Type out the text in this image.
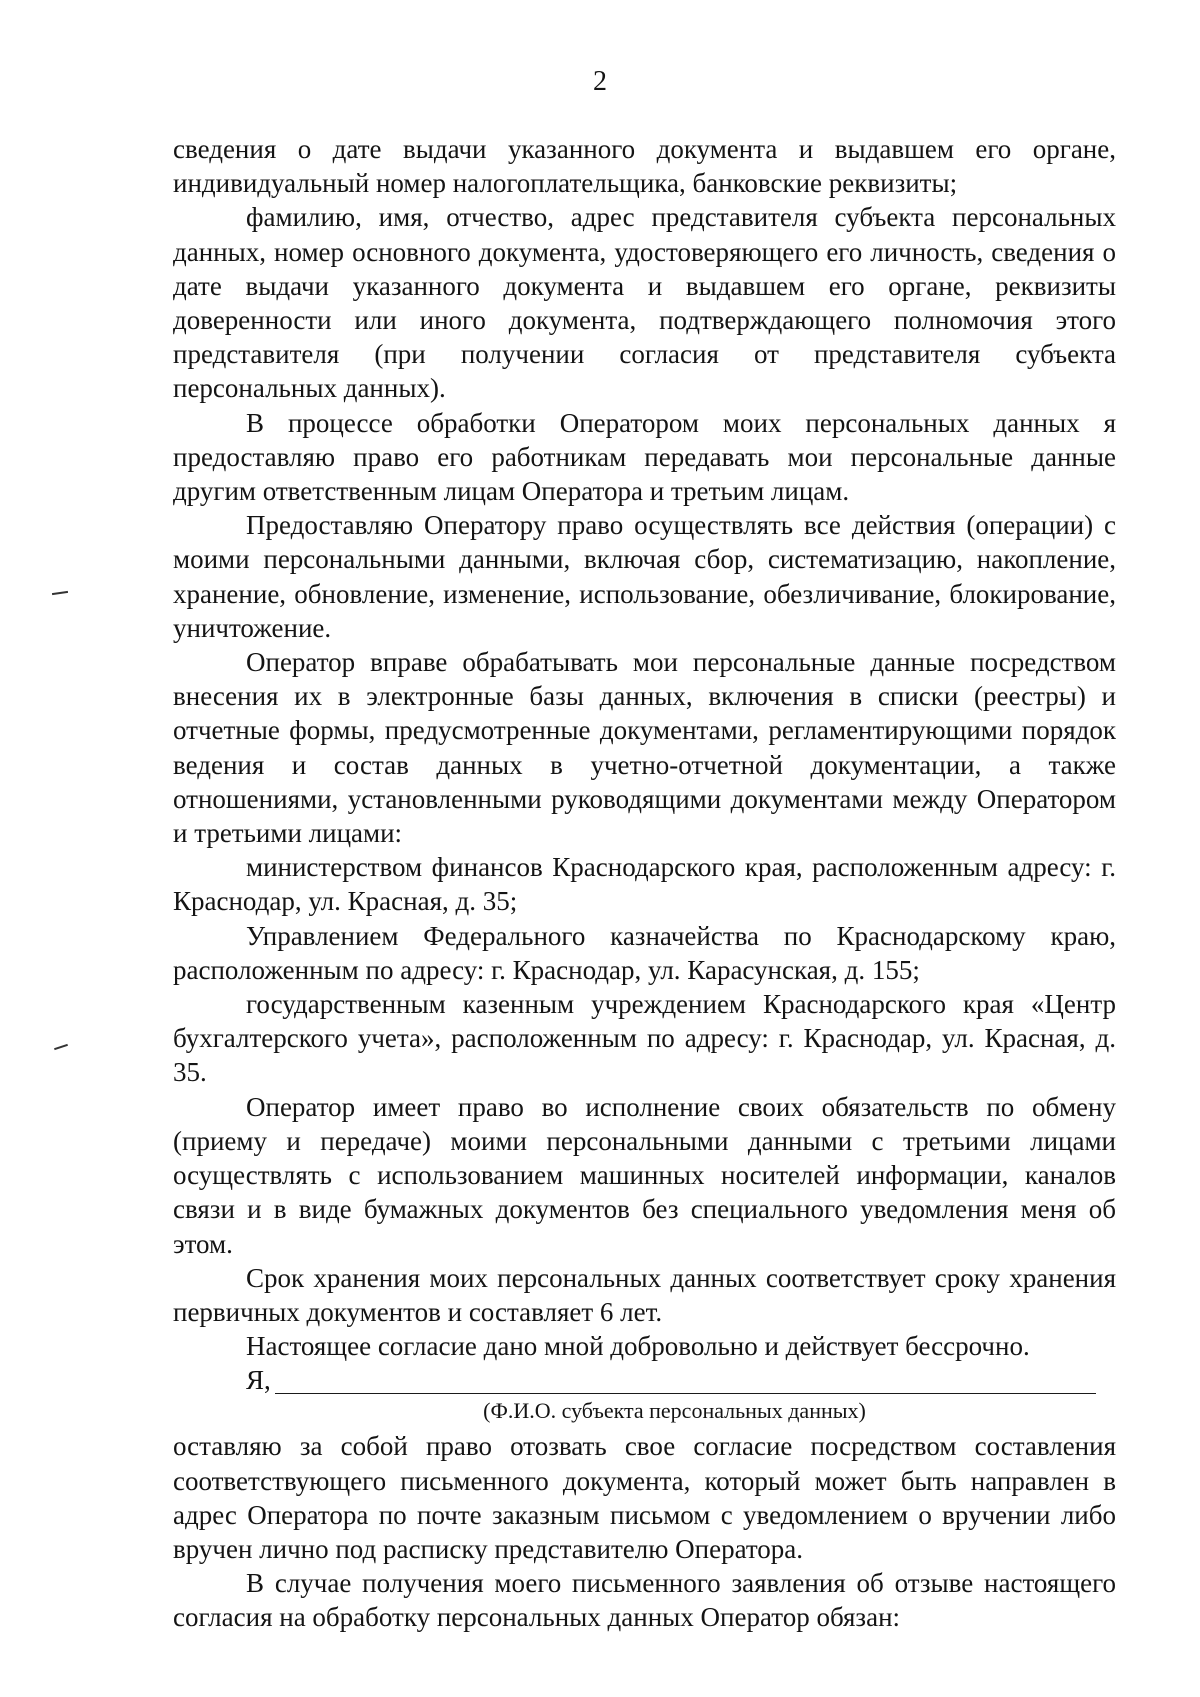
2

сведения о дате выдачи указанного документа и выдавшем его органе, индивидуальный номер налогоплательщика, банковские реквизиты;

фамилию, имя, отчество, адрес представителя субъекта персональных данных, номер основного документа, удостоверяющего его личность, сведения о дате выдачи указанного документа и выдавшем его органе, реквизиты доверенности или иного документа, подтверждающего полномочия этого представителя (при получении согласия от представителя субъекта персональных данных).

В процессе обработки Оператором моих персональных данных я предоставляю право его работникам передавать мои персональные данные другим ответственным лицам Оператора и третьим лицам.

Предоставляю Оператору право осуществлять все действия (операции) с моими персональными данными, включая сбор, систематизацию, накопление, хранение, обновление, изменение, использование, обезличивание, блокирование, уничтожение.

Оператор вправе обрабатывать мои персональные данные посредством внесения их в электронные базы данных, включения в списки (реестры) и отчетные формы, предусмотренные документами, регламентирующими порядок ведения и состав данных в учетно-отчетной документации, а также отношениями, установленными руководящими документами между Оператором и третьими лицами:

министерством финансов Краснодарского края, расположенным адресу: г. Краснодар, ул. Красная, д. 35;

Управлением Федерального казначейства по Краснодарскому краю, расположенным по адресу: г. Краснодар, ул. Карасунская, д. 155;

государственным казенным учреждением Краснодарского края «Центр бухгалтерского учета», расположенным по адресу: г. Краснодар, ул. Красная, д. 35.

Оператор имеет право во исполнение своих обязательств по обмену (приему и передаче) моими персональными данными с третьими лицами осуществлять с использованием машинных носителей информации, каналов связи и в виде бумажных документов без специального уведомления меня об этом.

Срок хранения моих персональных данных соответствует сроку хранения первичных документов и составляет 6 лет.

Настоящее согласие дано мной добровольно и действует бессрочно.

Я,

(Ф.И.О. субъекта персональных данных)

оставляю за собой право отозвать свое согласие посредством составления соответствующего письменного документа, который может быть направлен в адрес Оператора по почте заказным письмом с уведомлением о вручении либо вручен лично под расписку представителю Оператора.

В случае получения моего письменного заявления об отзыве настоящего согласия на обработку персональных данных Оператор обязан:
